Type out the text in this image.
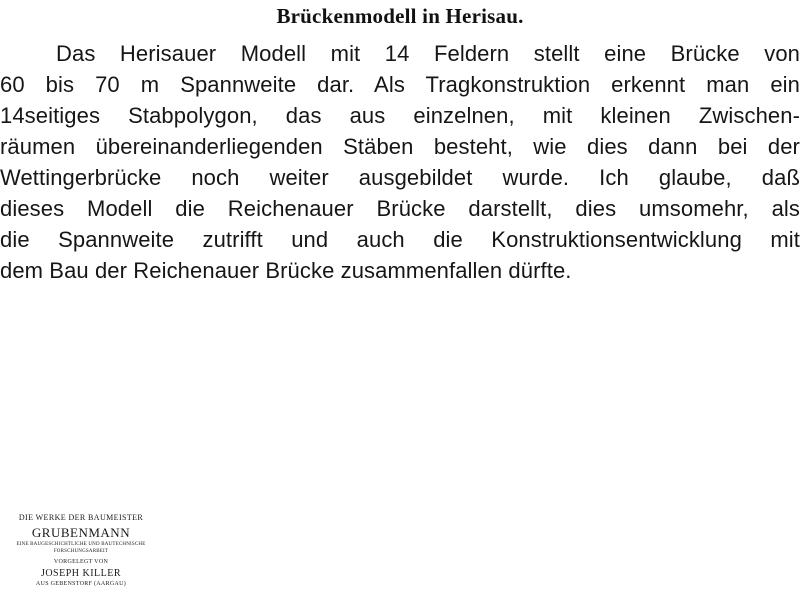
Brückenmodell in Herisau.
Das Herisauer Modell mit 14 Feldern stellt eine Brücke von
60 bis 70 m Spannweite dar. Als Tragkonstruktion erkennt man ein
14seitiges Stabpolygon, das aus einzelnen, mit kleinen Zwischen-
räumen übereinanderliegenden Stäben besteht, wie dies dann bei der
Wettingerbrücke noch weiter ausgebildet wurde. Ich glaube, daß
dieses Modell die Reichenauer Brücke darstellt, dies umsomehr, als
die Spannweite zutrifft und auch die Konstruktionsentwicklung mit
dem Bau der Reichenauer Brücke zusammenfallen dürfte.
DIE WERKE DER BAUMEISTER
GRUBENMANN
EINE BAUGESCHICHTLICHE UND BAUTECHNISCHE
FORSCHUNGSARBEIT
VORGELEGT VON
JOSEPH KILLER
AUS GEBENSTORF (AARGAU)
